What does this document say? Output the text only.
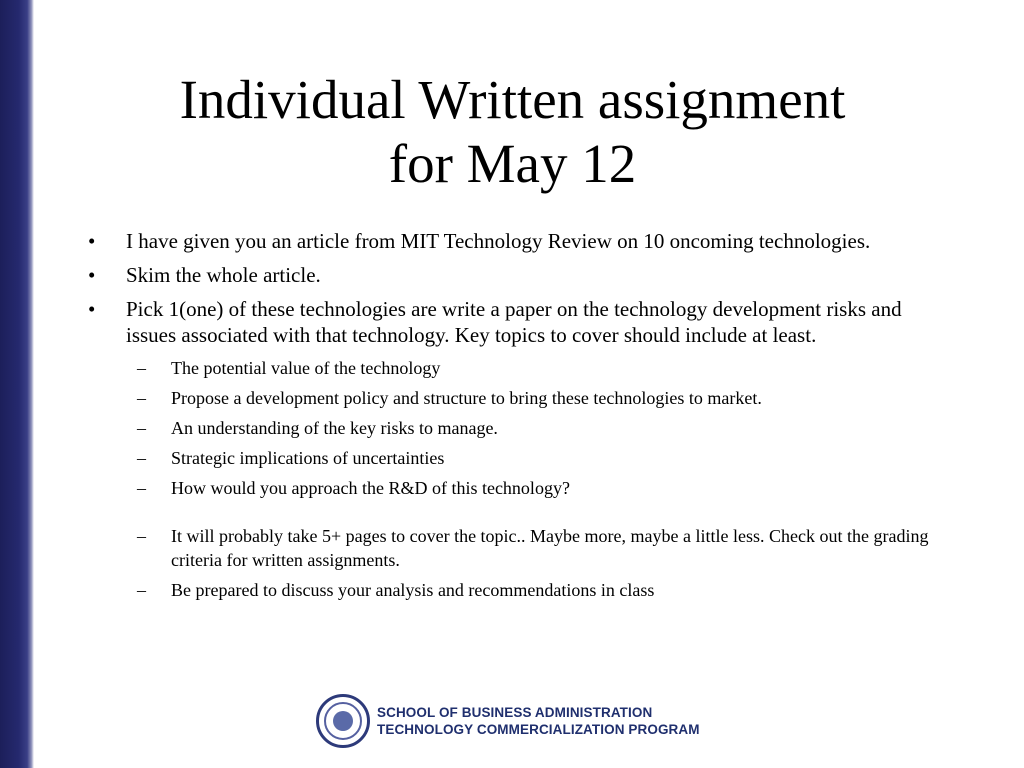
Individual Written assignment
for May 12
• I have given you an article from MIT Technology Review on 10 oncoming technologies.
• Skim the whole article.
• Pick 1(one) of these technologies are write a paper on the technology development risks and issues associated with that technology. Key topics to cover should include at least.
– The potential value of the technology
– Propose a development policy and structure to bring these technologies to market.
– An understanding of the key risks to manage.
– Strategic implications of uncertainties
– How would you approach the R&D of this technology?
– It will probably take 5+ pages to cover the topic.. Maybe more, maybe a little less. Check out the grading criteria for written assignments.
– Be prepared to discuss your analysis and recommendations in class
SCHOOL OF BUSINESS ADMINISTRATION
TECHNOLOGY COMMERCIALIZATION PROGRAM
